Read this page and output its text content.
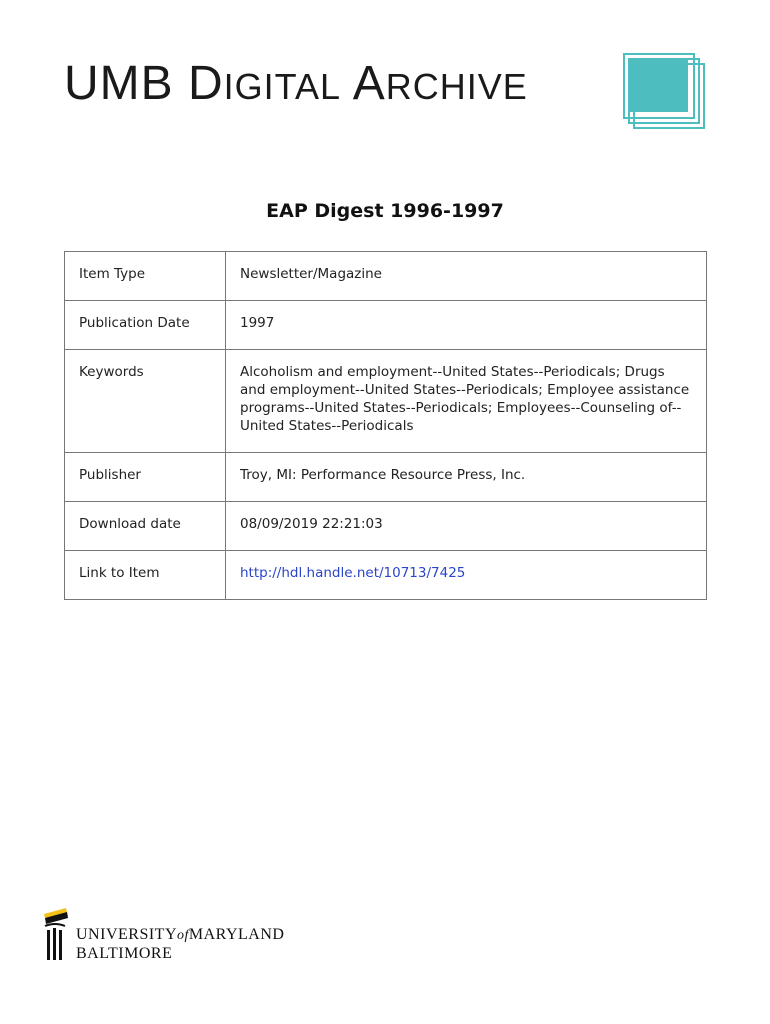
UMB DIGITAL ARCHIVE
EAP Digest 1996-1997
Item Type	Newsletter/Magazine
Publication Date	1997
Keywords	Alcoholism and employment--United States--Periodicals; Drugs and employment--United States--Periodicals; Employee assistance programs--United States--Periodicals; Employees--Counseling of--United States--Periodicals
Publisher	Troy, MI: Performance Resource Press, Inc.
Download date	08/09/2019 22:21:03
Link to Item	http://hdl.handle.net/10713/7425
UNIVERSITYofMARYLAND
BALTIMORE
